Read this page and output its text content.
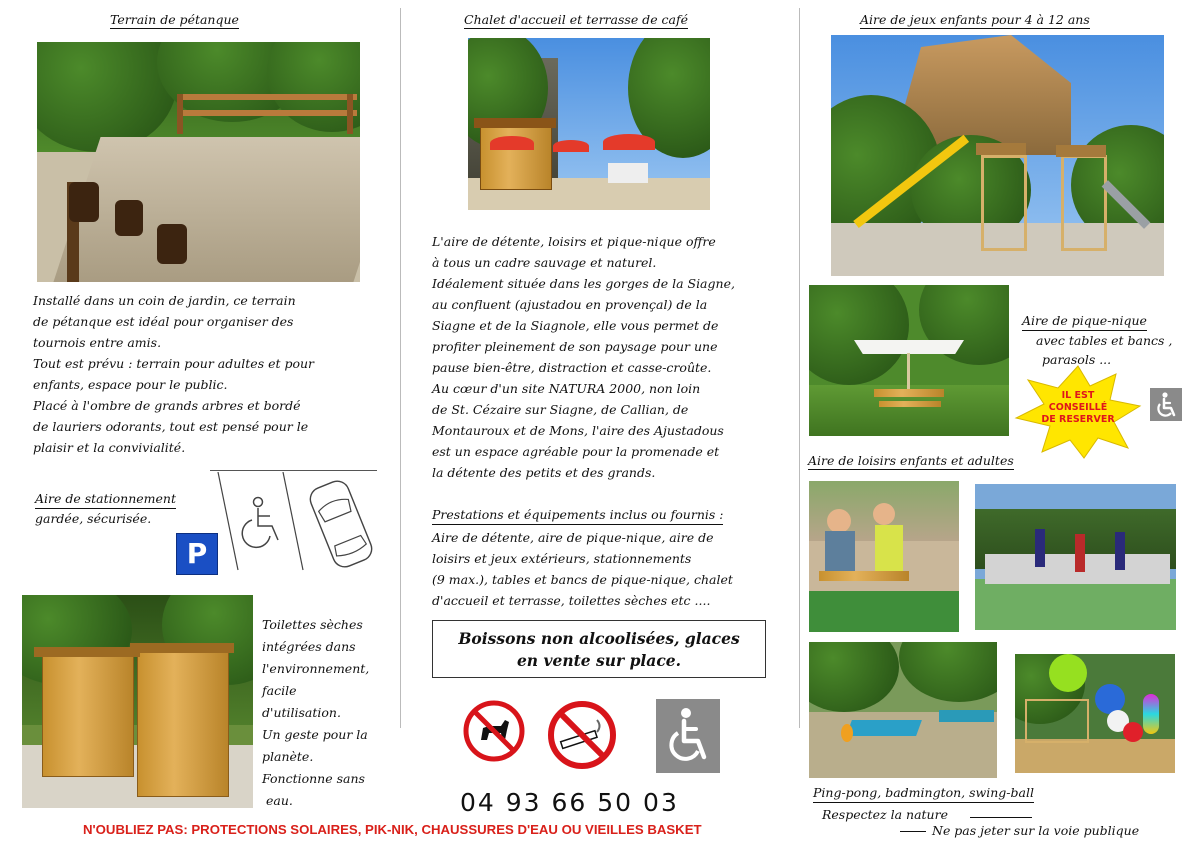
Terrain de pétanque
Installé dans un coin de jardin, ce terrain
de pétanque est idéal pour organiser des
tournois entre amis.
Tout est prévu : terrain pour adultes et pour
enfants, espace pour le public.
Placé à l'ombre de grands arbres et bordé
de lauriers odorants, tout est pensé pour le
plaisir et la convivialité.
Aire de stationnement
gardée, sécurisée.
P
Toilettes sèches
intégrées dans
l'environnement,
facile
d'utilisation.
Un geste pour la
planète.
Fonctionne sans
eau.
Chalet d'accueil et terrasse de café
L'aire de détente, loisirs et pique-nique offre
à tous un cadre sauvage et naturel.
Idéalement située dans les gorges de la Siagne,
au confluent (ajustadou en provençal) de la
Siagne et de la Siagnole, elle vous permet de
profiter pleinement de son paysage pour une
pause bien-être, distraction et casse-croûte.
Au cœur d'un site NATURA 2000, non loin
de St. Cézaire sur Siagne, de Callian, de
Montauroux et de Mons, l'aire des Ajustadous
est un espace agréable pour la promenade et
la détente des petits et des grands.
Prestations et équipements inclus ou fournis :
Aire de détente, aire de pique-nique, aire de
loisirs et jeux extérieurs, stationnements
(9 max.), tables et bancs de pique-nique, chalet
d'accueil et terrasse, toilettes sèches etc ....
Boissons non alcoolisées, glaces
en vente sur place.
04 93 66 50 03
Aire de jeux enfants pour 4 à 12 ans
Aire de pique-nique
avec tables et bancs ,
parasols ...
IL EST
CONSEILLÉ
DE RESERVER
Aire de loisirs enfants et adultes
Ping-pong, badmington, swing-ball
Respectez la nature
Ne pas jeter sur la voie publique
N'OUBLIEZ PAS: PROTECTIONS SOLAIRES, PIK-NIK, CHAUSSURES D'EAU OU VIEILLES BASKET
